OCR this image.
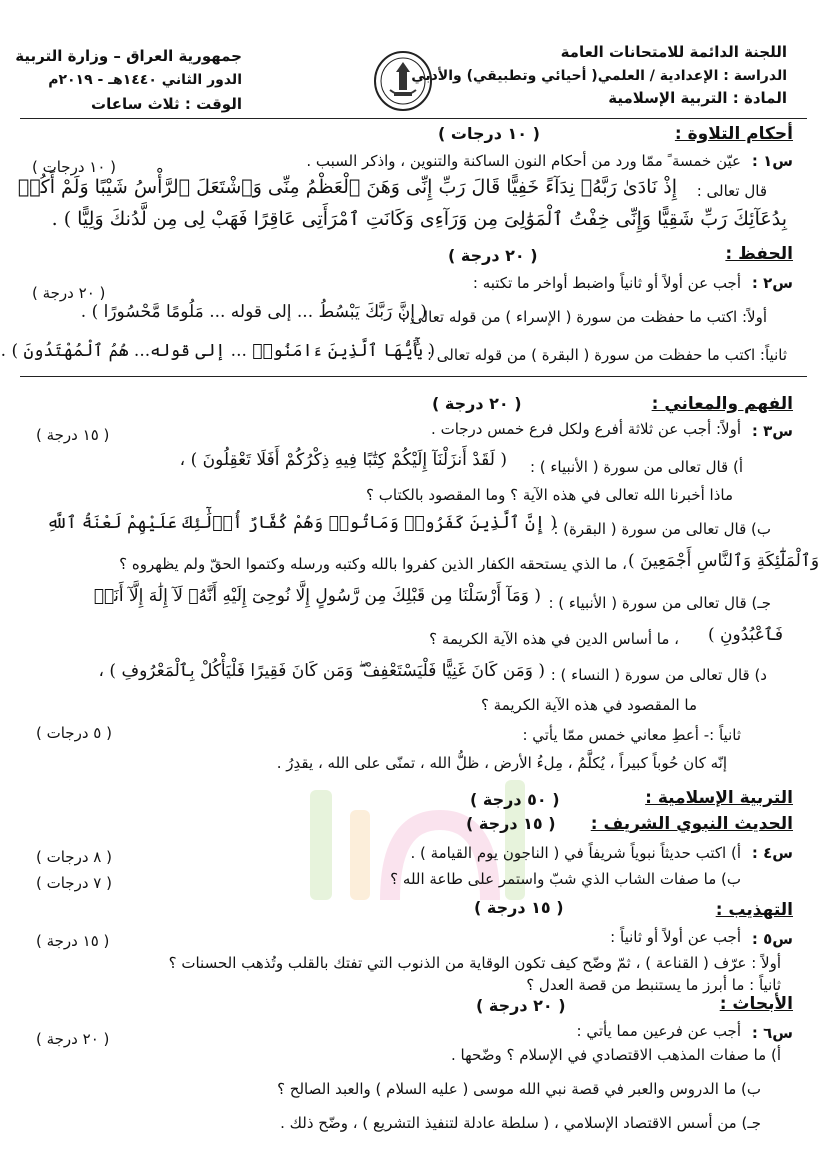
اللجنة الدائمة للامتحانات العامة
الدراسة : الإعدادية / العلمي( أحيائي وتطبيقي) والأدبي
المادة : التربية الإسلامية
جمهورية العراق – وزارة التربية
الدور الثاني ١٤٤٠هـ - ٢٠١٩م
الوقت : ثلاث ساعات
أحكام التلاوة :
( ١٠ درجات )
س١ :
عيّن خمسة ً ممّا ورد من أحكام النون الساكنة والتنوين ، واذكر السبب .
( ١٠ درجات )
قال تعالى :
إِذْ نَادَىٰ رَبَّهُۥ نِدَآءً خَفِيًّا قَالَ رَبِّ إِنِّى وَهَنَ ٱلْعَظْمُ مِنِّى وَٱشْتَعَلَ ٱلرَّأْسُ شَيْبًا وَلَمْ أَكُنۢ
بِدُعَآئِكَ رَبِّ شَقِيًّا وَإِنِّى خِفْتُ ٱلْمَوَٰلِىَ مِن وَرَآءِى وَكَانَتِ ٱمْرَأَتِى عَاقِرًا فَهَبْ لِى مِن لَّدُنكَ وَلِيًّا ) .
الحفظ :
( ٢٠ درجة )
س٢ :
أجب عن أولاً أو ثانياً واضبط أواخر ما تكتبه :
( ٢٠ درجة )
أولاً: اكتب ما حفظت من سورة ( الإسراء ) من قوله تعالى :
( إِنَّ رَبَّكَ يَبْسُطُ ... إلى قوله ... مَلُومًا مَّحْسُورًا ) .
ثانياً: اكتب ما حفظت من سورة ( البقرة ) من قوله تعالى :
( يَٰٓأَيُّهَا ٱلَّذِينَ ءَامَنُوا۟ ... إلى قوله... هُمُ ٱلْمُهْتَدُونَ ) .
الفهم والمعاني :
( ٢٠ درجة )
س٣ :
أولاً: أجب عن ثلاثة أفرع ولكل فرع خمس درجات .
( ١٥ درجة )
أ) قال تعالى من سورة ( الأنبياء ) :
( لَقَدْ أَنزَلْنَآ إِلَيْكُمْ كِتَٰبًا فِيهِ ذِكْرُكُمْ أَفَلَا تَعْقِلُونَ ) ،
ماذا أخبرنا الله تعالى في هذه الآية ؟ وما المقصود بالكتاب ؟
ب) قال تعالى من سورة ( البقرة) :
( إِنَّ ٱلَّذِينَ كَفَرُوا۟ وَمَاتُوا۟ وَهُمْ كُفَّارٌ أُو۟لَٰٓئِكَ عَلَيْهِمْ لَعْنَةُ ٱللَّهِ
وَٱلْمَلَٰٓئِكَةِ وَٱلنَّاسِ أَجْمَعِينَ )
، ما الذي يستحقه الكفار الذين كفروا بالله وكتبه ورسله وكتموا الحقّ ولم يظهروه ؟
جـ) قال تعالى من سورة ( الأنبياء ) :
( وَمَآ أَرْسَلْنَا مِن قَبْلِكَ مِن رَّسُولٍ إِلَّا نُوحِىٓ إِلَيْهِ أَنَّهُۥ لَآ إِلَٰهَ إِلَّآ أَنَا۠
فَٱعْبُدُونِ )
، ما أساس الدين في هذه الآية الكريمة ؟
د) قال تعالى من سورة ( النساء ) :
( وَمَن كَانَ غَنِيًّا فَلْيَسْتَعْفِفْ ۖ وَمَن كَانَ فَقِيرًا فَلْيَأْكُلْ بِٱلْمَعْرُوفِ ) ،
ما المقصود في هذه الآية الكريمة ؟
ثانياً :- أعطِ معاني خمس ممّا يأتي :
( ٥ درجات )
إنّه كان حُوباً كبيراً ، يُكلَّمُ ، مِلءُ الأرض ، ظلُّ الله ، تمنّى على الله ، يقدِرُ .
التربية الإسلامية :
( ٥٠ درجة )
الحديث النبوي الشريف :
( ١٥ درجة )
س٤ :
أ) اكتب حديثاً نبوياً شريفاً في ( الناجون يوم القيامة ) .
( ٨ درجات )
ب) ما صفات الشاب الذي شبّ واستمر على طاعة الله ؟
( ٧ درجات )
التهذيب :
( ١٥ درجة )
س٥ :
أجب عن أولاً أو ثانياً :
( ١٥ درجة )
أولاً : عرّف ( القناعة ) ، ثمّ وضّح كيف تكون الوقاية من الذنوب التي تفتك بالقلب وتُذهب الحسنات ؟
ثانياً : ما أبرز ما يستنبط من قصة العدل ؟
الأبحاث :
( ٢٠ درجة )
س٦ :
أجب عن فرعين مما يأتي :
( ٢٠ درجة )
أ) ما صفات المذهب الاقتصادي في الإسلام ؟ وضّحها .
ب) ما الدروس والعبر في قصة نبي الله موسى ( عليه السلام ) والعبد الصالح ؟
جـ) من أسس الاقتصاد الإسلامي ، ( سلطة عادلة لتنفيذ التشريع ) ، وضّح ذلك .
